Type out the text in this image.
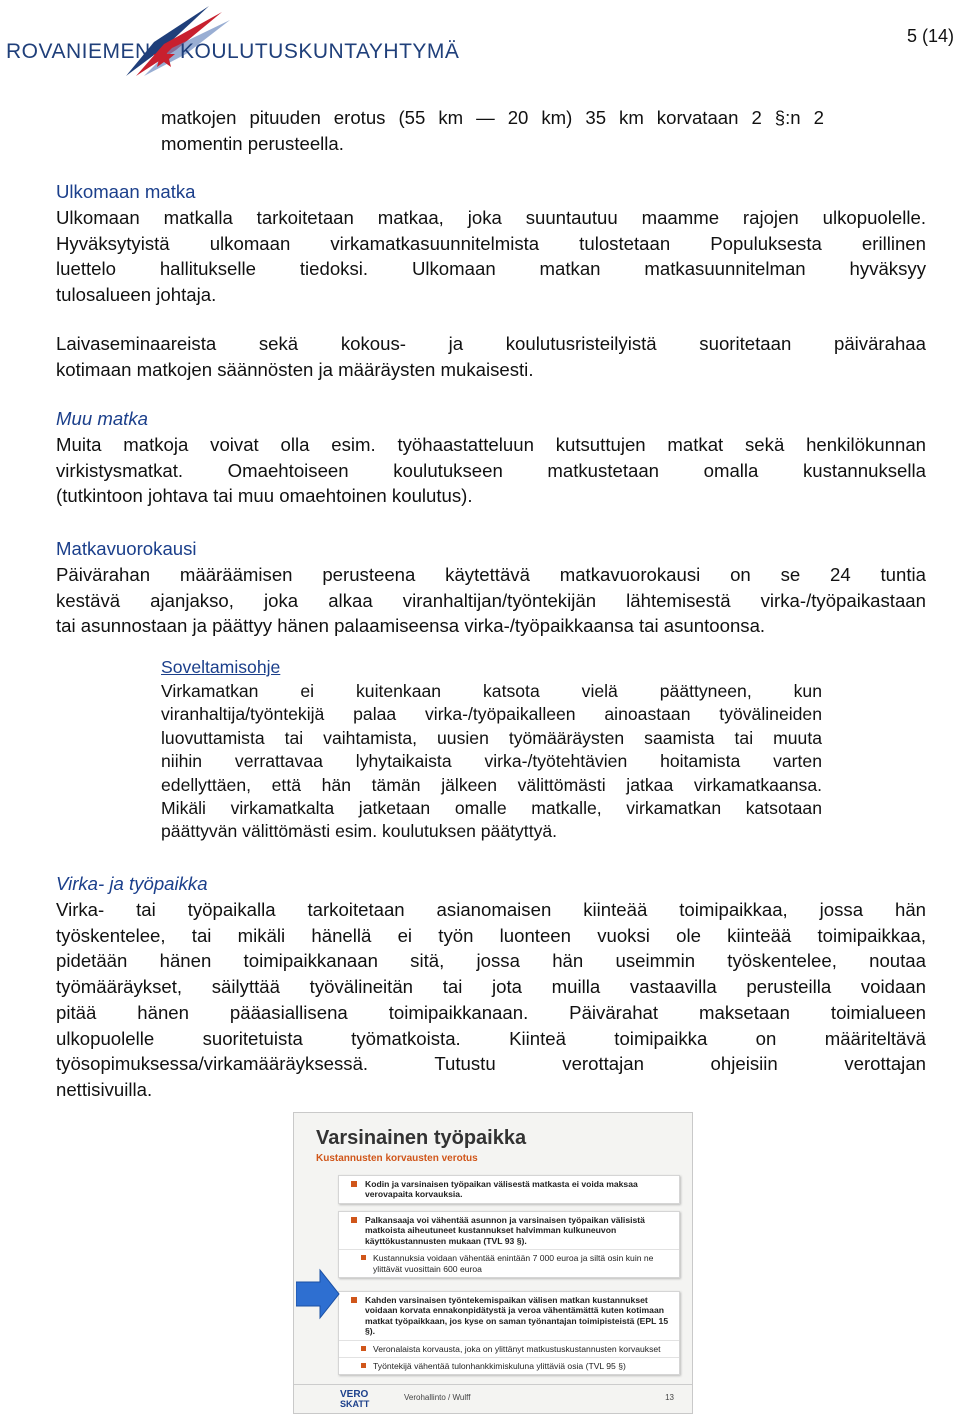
ROVANIEMEN KOULUTUSKUNTAYHTYMÄ
5 (14)
matkojen pituuden erotus (55 km — 20 km) 35 km korvataan 2 §:n 2
momentin perusteella.
Ulkomaan matka
Ulkomaan matkalla tarkoitetaan matkaa, joka suuntautuu maamme rajojen ulkopuolelle.
Hyväksytyistä ulkomaan virkamatkasuunnitelmista tulostetaan Populuksesta erillinen
luettelo hallitukselle tiedoksi. Ulkomaan matkan matkasuunnitelman hyväksyy
tulosalueen johtaja.
Laivaseminaareista sekä kokous- ja koulutusristeilyistä suoritetaan päivärahaa
kotimaan matkojen säännösten ja määräysten mukaisesti.
Muu matka
Muita matkoja voivat olla esim. työhaastatteluun kutsuttujen matkat sekä henkilökunnan
virkistysmatkat. Omaehtoiseen koulutukseen matkustetaan omalla kustannuksella
(tutkintoon johtava tai muu omaehtoinen koulutus).
Matkavuorokausi
Päivärahan määräämisen perusteena käytettävä matkavuorokausi on se 24 tuntia
kestävä ajanjakso, joka alkaa viranhaltijan/työntekijän lähtemisestä virka-/työpaikastaan
tai asunnostaan ja päättyy hänen palaamiseensa virka-/työpaikkaansa tai asuntoonsa.
Soveltamisohje
Virkamatkan ei kuitenkaan katsota vielä päättyneen, kun
viranhaltija/työntekijä palaa virka-/työpaikalleen ainoastaan työvälineiden
luovuttamista tai vaihtamista, uusien työmääräysten saamista tai muuta
niihin verrattavaa lyhytaikaista virka-/työtehtävien hoitamista varten
edellyttäen, että hän tämän jälkeen välittömästi jatkaa virkamatkaansa.
Mikäli virkamatkalta jatketaan omalle matkalle, virkamatkan katsotaan
päättyvän välittömästi esim. koulutuksen päätyttyä.
Virka- ja työpaikka
Virka- tai työpaikalla tarkoitetaan asianomaisen kiinteää toimipaikkaa, jossa hän
työskentelee, tai mikäli hänellä ei työn luonteen vuoksi ole kiinteää toimipaikkaa,
pidetään hänen toimipaikkanaan sitä, jossa hän useimmin työskentelee, noutaa
työmääräykset, säilyttää työvälineitän tai jota muilla vastaavilla perusteilla voidaan
pitää hänen pääasiallisena toimipaikkanaan. Päivärahat maksetaan toimialueen
ulkopuolelle suoritetuista työmatkoista. Kiinteä toimipaikka on määriteltävä
työsopimuksessa/virkamääräyksessä. Tutustu verottajan ohjeisiin verottajan
nettisivuilla.
Varsinainen työpaikka
Kustannusten korvausten verotus
Kodin ja varsinaisen työpaikan välisestä matkasta ei voida maksaa verovapaita korvauksia.
Palkansaaja voi vähentää asunnon ja varsinaisen työpaikan välisistä matkoista aiheutuneet kustannukset halvimman kulkuneuvon käyttökustannusten mukaan (TVL 93 §).
Kustannuksia voidaan vähentää enintään 7 000 euroa ja siltä osin kuin ne ylittävät vuosittain 600 euroa
Kahden varsinaisen työntekemispaikan välisen matkan kustannukset voidaan korvata ennakonpidätystä ja veroa vähentämättä kuten kotimaan matkat työpaikkaan, jos kyse on saman työnantajan toimipisteistä (EPL 15 §).
Veronalaista korvausta, joka on ylittänyt matkustuskustannusten korvaukset
Työntekijä vähentää tulonhankkimiskuluna ylittäviä osia (TVL 95 §)
VERO
SKATT
Verohallinto / Wulff	13
